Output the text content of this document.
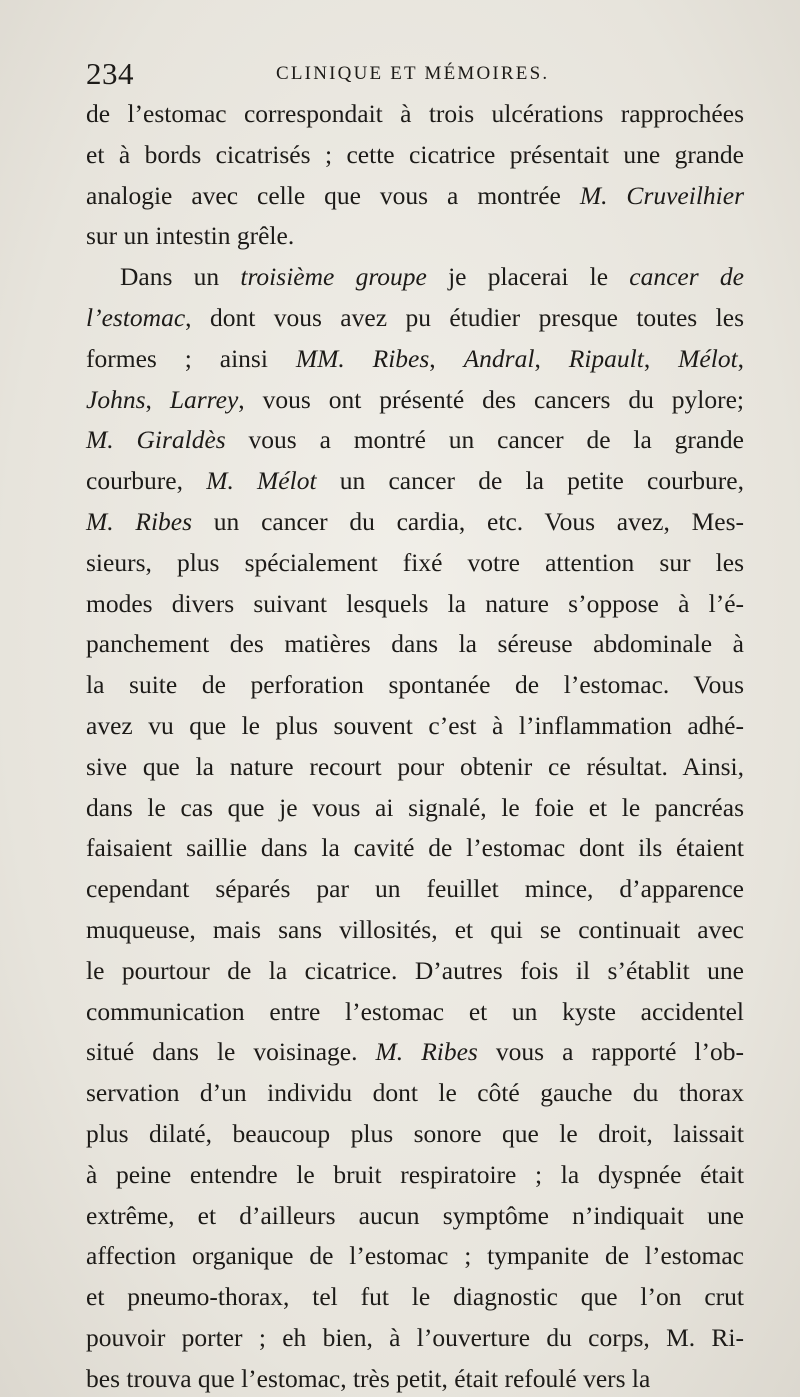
234	CLINIQUE ET MÉMOIRES.
de l’estomac correspondait à trois ulcérations rapprochées
et à bords cicatrisés ; cette cicatrice présentait une grande
analogie avec celle que vous a montrée M. Cruveilhier
sur un intestin grêle.
Dans un troisième groupe je placerai le cancer de
l’estomac, dont vous avez pu étudier presque toutes les
formes ; ainsi MM. Ribes, Andral, Ripault, Mélot,
Johns, Larrey, vous ont présenté des cancers du pylore;
M. Giraldès vous a montré un cancer de la grande
courbure, M. Mélot un cancer de la petite courbure,
M. Ribes un cancer du cardia, etc. Vous avez, Mes-
sieurs, plus spécialement fixé votre attention sur les
modes divers suivant lesquels la nature s’oppose à l’é-
panchement des matières dans la séreuse abdominale à
la suite de perforation spontanée de l’estomac. Vous
avez vu que le plus souvent c’est à l’inflammation adhé-
sive que la nature recourt pour obtenir ce résultat. Ainsi,
dans le cas que je vous ai signalé, le foie et le pancréas
faisaient saillie dans la cavité de l’estomac dont ils étaient
cependant séparés par un feuillet mince, d’apparence
muqueuse, mais sans villosités, et qui se continuait avec
le pourtour de la cicatrice. D’autres fois il s’établit une
communication entre l’estomac et un kyste accidentel
situé dans le voisinage. M. Ribes vous a rapporté l’ob-
servation d’un individu dont le côté gauche du thorax
plus dilaté, beaucoup plus sonore que le droit, laissait
à peine entendre le bruit respiratoire ; la dyspnée était
extrême, et d’ailleurs aucun symptôme n’indiquait une
affection organique de l’estomac ; tympanite de l’estomac
et pneumo-thorax, tel fut le diagnostic que l’on crut
pouvoir porter ; eh bien, à l’ouverture du corps, M. Ri-
bes trouva que l’estomac, très petit, était refoulé vers la
